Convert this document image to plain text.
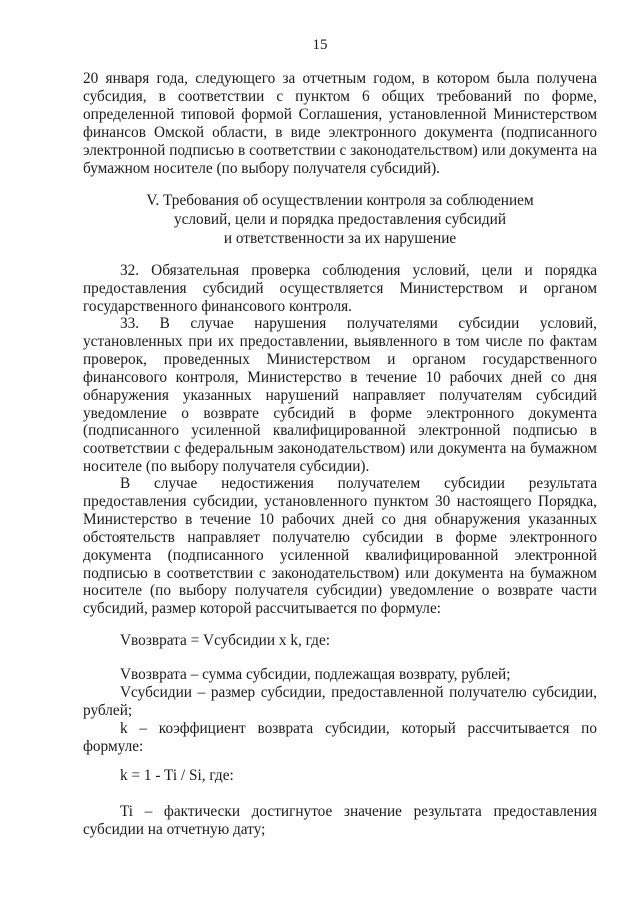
15

20 января года, следующего за отчетным годом, в котором была получена субсидия, в соответствии с пунктом 6 общих требований по форме, определенной типовой формой Соглашения, установленной Министерством финансов Омской области, в виде электронного документа (подписанного электронной подписью в соответствии с законодательством) или документа на бумажном носителе (по выбору получателя субсидий).

V. Требования об осуществлении контроля за соблюдением
условий, цели и порядка предоставления субсидий
и ответственности за их нарушение

32. Обязательная проверка соблюдения условий, цели и порядка предоставления субсидий осуществляется Министерством и органом государственного финансового контроля.

33. В случае нарушения получателями субсидии условий, установленных при их предоставлении, выявленного в том числе по фактам проверок, проведенных Министерством и органом государственного финансового контроля, Министерство в течение 10 рабочих дней со дня обнаружения указанных нарушений направляет получателям субсидий уведомление о возврате субсидий в форме электронного документа (подписанного усиленной квалифицированной электронной подписью в соответствии с федеральным законодательством) или документа на бумажном носителе (по выбору получателя субсидии).

В случае недостижения получателем субсидии результата предоставления субсидии, установленного пунктом 30 настоящего Порядка, Министерство в течение 10 рабочих дней со дня обнаружения указанных обстоятельств направляет получателю субсидии в форме электронного документа (подписанного усиленной квалифицированной электронной подписью в соответствии с законодательством) или документа на бумажном носителе (по выбору получателя субсидии) уведомление о возврате части субсидий, размер которой рассчитывается по формуле:

Vвозврата = Vсубсидии x k, где:

Vвозврата – сумма субсидии, подлежащая возврату, рублей;

Vсубсидии – размер субсидии, предоставленной получателю субсидии, рублей;

k – коэффициент возврата субсидии, который рассчитывается по формуле:

k = 1 - Ti / Si, где:

Ti – фактически достигнутое значение результата предоставления субсидии на отчетную дату;
